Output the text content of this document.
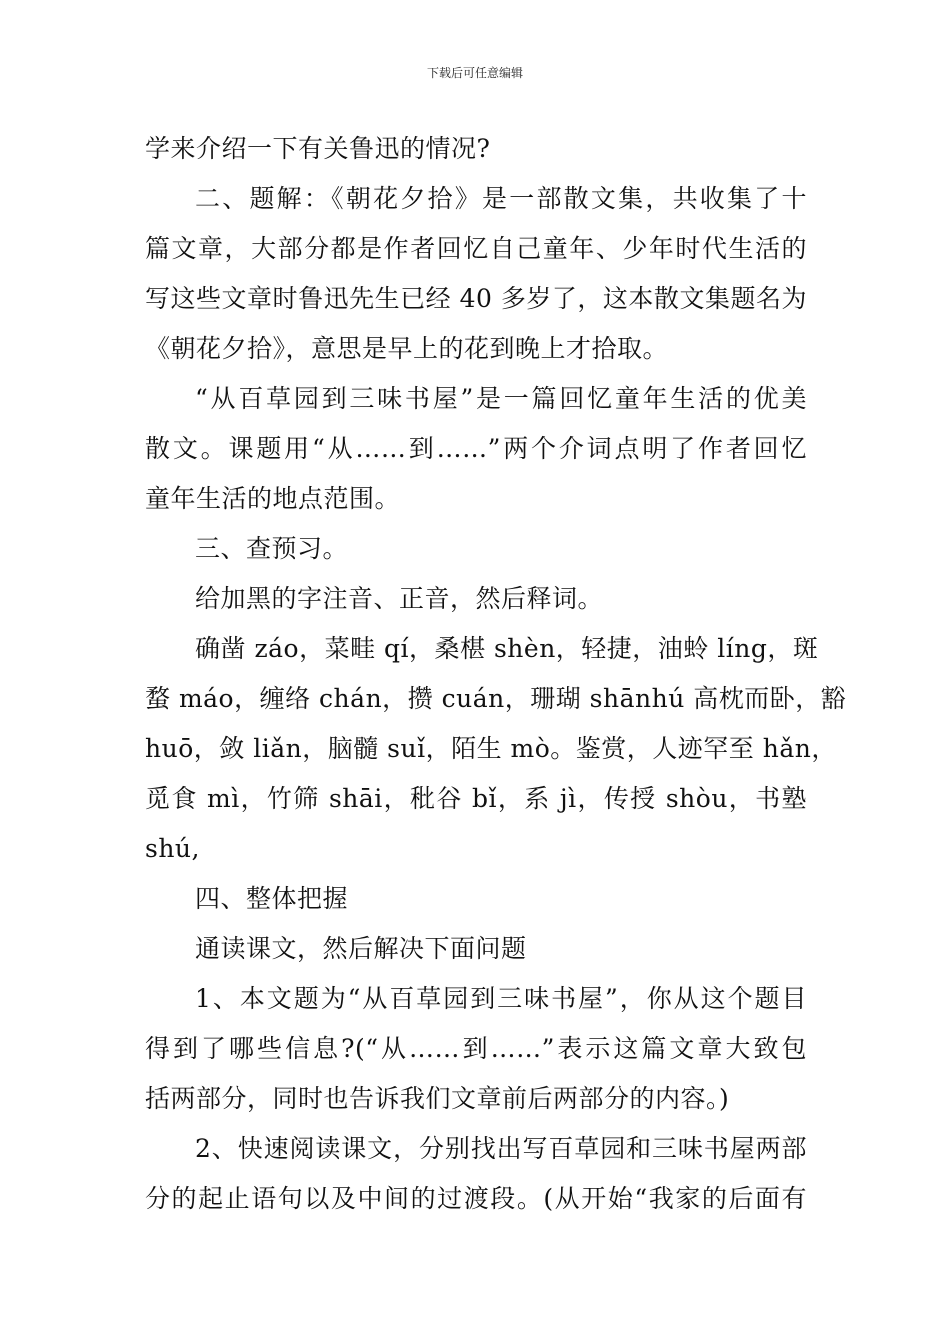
下载后可任意编辑
学来介绍一下有关鲁迅的情况?
二、题解：《朝花夕拾》是一部散文集，共收集了十
篇文章，大部分都是作者回忆自己童年、少年时代生活的
写这些文章时鲁迅先生已经 40 多岁了，这本散文集题名为
《朝花夕拾》，意思是早上的花到晚上才拾取。
“从百草园到三味书屋”是一篇回忆童年生活的优美
散文。课题用“从……到……”两个介词点明了作者回忆
童年生活的地点范围。
三、查预习。
给加黑的字注音、正音，然后释词。
确凿 záo，菜畦 qí，桑椹 shèn，轻捷，油蛉 líng，斑
蝥 máo，缠络 chán，攒 cuán，珊瑚 shānhú 高枕而卧，豁
huō，敛 liǎn，脑髓 suǐ，陌生 mò。鉴赏，人迹罕至 hǎn，
觅食 mì，竹筛 shāi，秕谷 bǐ，系 jì，传授 shòu，书塾
shú,
四、整体把握
通读课文，然后解决下面问题
1、本文题为“从百草园到三味书屋”，你从这个题目
得到了哪些信息?(“从……到……”表示这篇文章大致包
括两部分，同时也告诉我们文章前后两部分的内容。)
2、快速阅读课文，分别找出写百草园和三味书屋两部
分的起止语句以及中间的过渡段。(从开始“我家的后面有
